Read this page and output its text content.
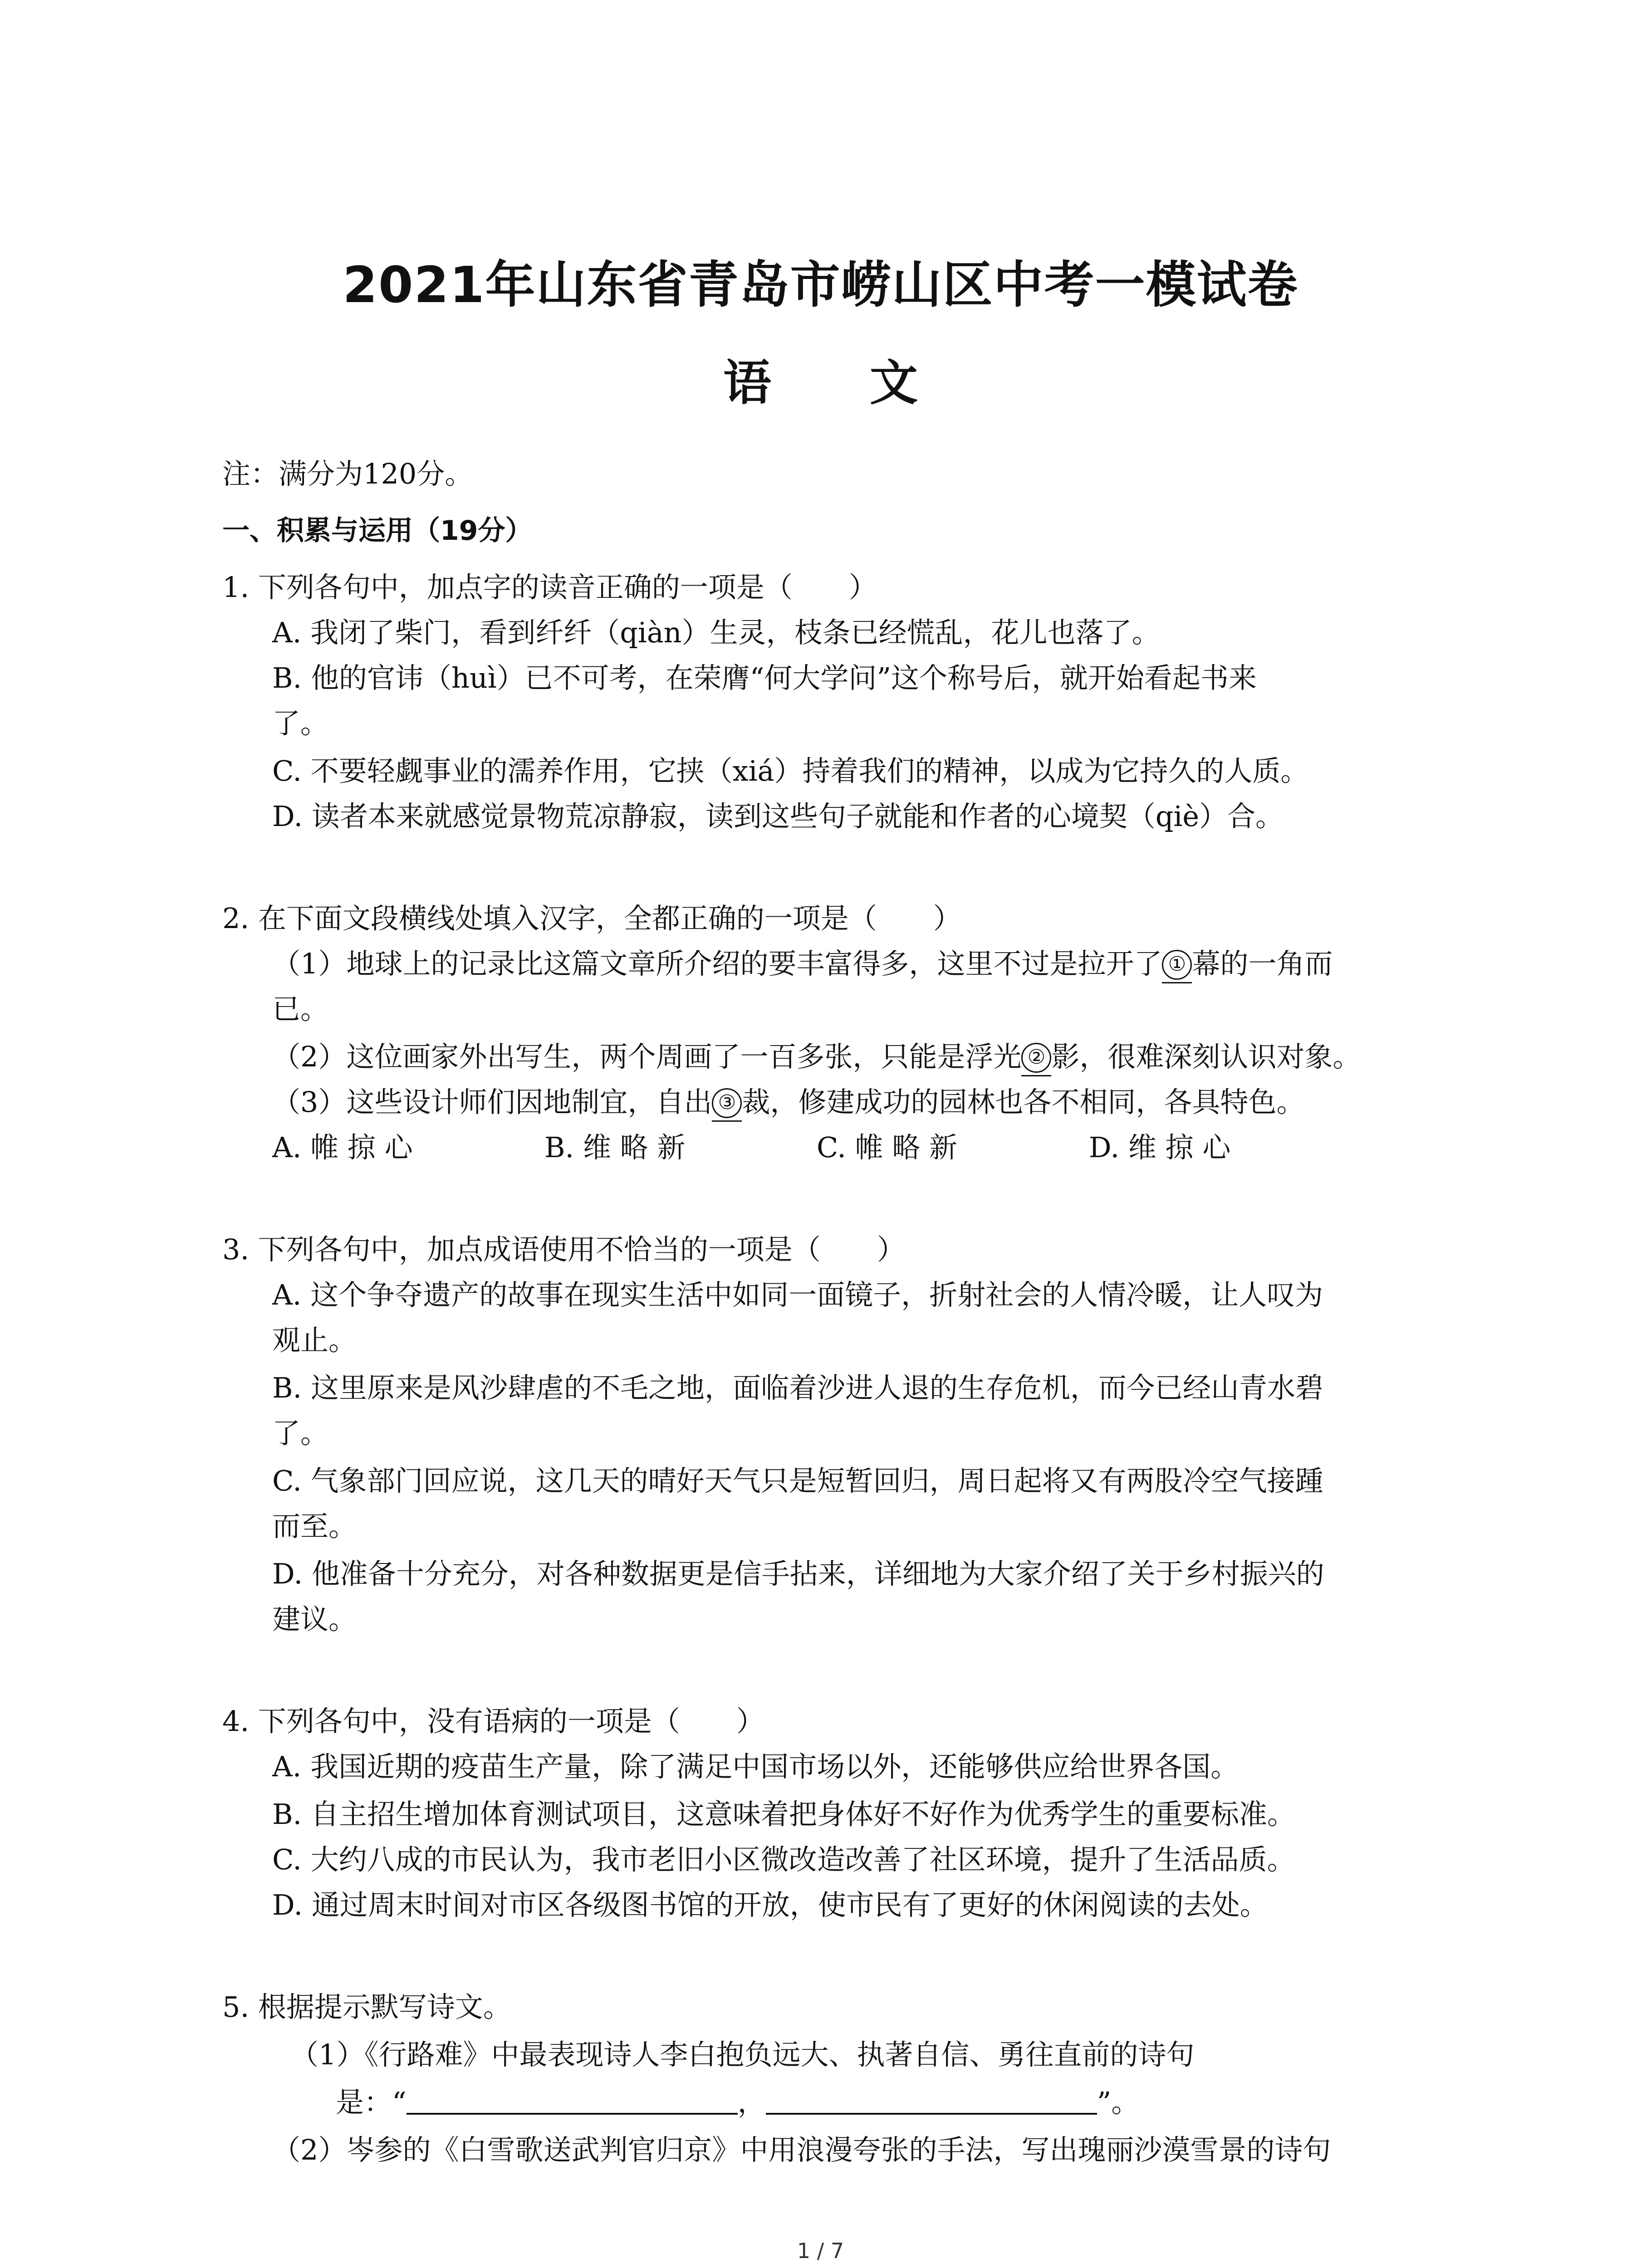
2021年山东省青岛市崂山区中考一模试卷
语 文
注：满分为120分。
一、积累与运用（19分）
1. 下列各句中，加点字的读音正确的一项是（　　）
A. 我闭了柴门，看到纤纤（qiàn）生灵，枝条已经慌乱，花儿也落了。
B. 他的官讳（huì）已不可考，在荣膺“何大学问”这个称号后，就开始看起书来
了。
C. 不要轻觑事业的濡养作用，它挟（xiá）持着我们的精神，以成为它持久的人质。
D. 读者本来就感觉景物荒凉静寂，读到这些句子就能和作者的心境契（qiè）合。
2. 在下面文段横线处填入汉字，全都正确的一项是（　　）
（1）地球上的记录比这篇文章所介绍的要丰富得多，这里不过是拉开了 ① 幕的一角而
已。
（2）这位画家外出写生，两个周画了一百多张，只能是浮光 ② 影，很难深刻认识对象。
（3）这些设计师们因地制宜，自出 ③ 裁，修建成功的园林也各不相同，各具特色。
A. 帷 掠 心	B. 维 略 新	C. 帷 略 新	D. 维 掠 心
3. 下列各句中，加点成语使用不恰当的一项是（　　）
A. 这个争夺遗产的故事在现实生活中如同一面镜子，折射社会的人情冷暖，让人叹为
观止。
B. 这里原来是风沙肆虐的不毛之地，面临着沙进人退的生存危机，而今已经山青水碧
了。
C. 气象部门回应说，这几天的晴好天气只是短暂回归，周日起将又有两股冷空气接踵
而至。
D. 他准备十分充分，对各种数据更是信手拈来，详细地为大家介绍了关于乡村振兴的
建议。
4. 下列各句中，没有语病的一项是（　　）
A. 我国近期的疫苗生产量，除了满足中国市场以外，还能够供应给世界各国。
B. 自主招生增加体育测试项目，这意味着把身体好不好作为优秀学生的重要标准。
C. 大约八成的市民认为，我市老旧小区微改造改善了社区环境，提升了生活品质。
D. 通过周末时间对市区各级图书馆的开放，使市民有了更好的休闲阅读的去处。
5. 根据提示默写诗文。
（1）《行路难》中最表现诗人李白抱负远大、执著自信、勇往直前的诗句
是：“	，	”。
（2）岑参的《白雪歌送武判官归京》中用浪漫夸张的手法，写出瑰丽沙漠雪景的诗句
1 / 7
